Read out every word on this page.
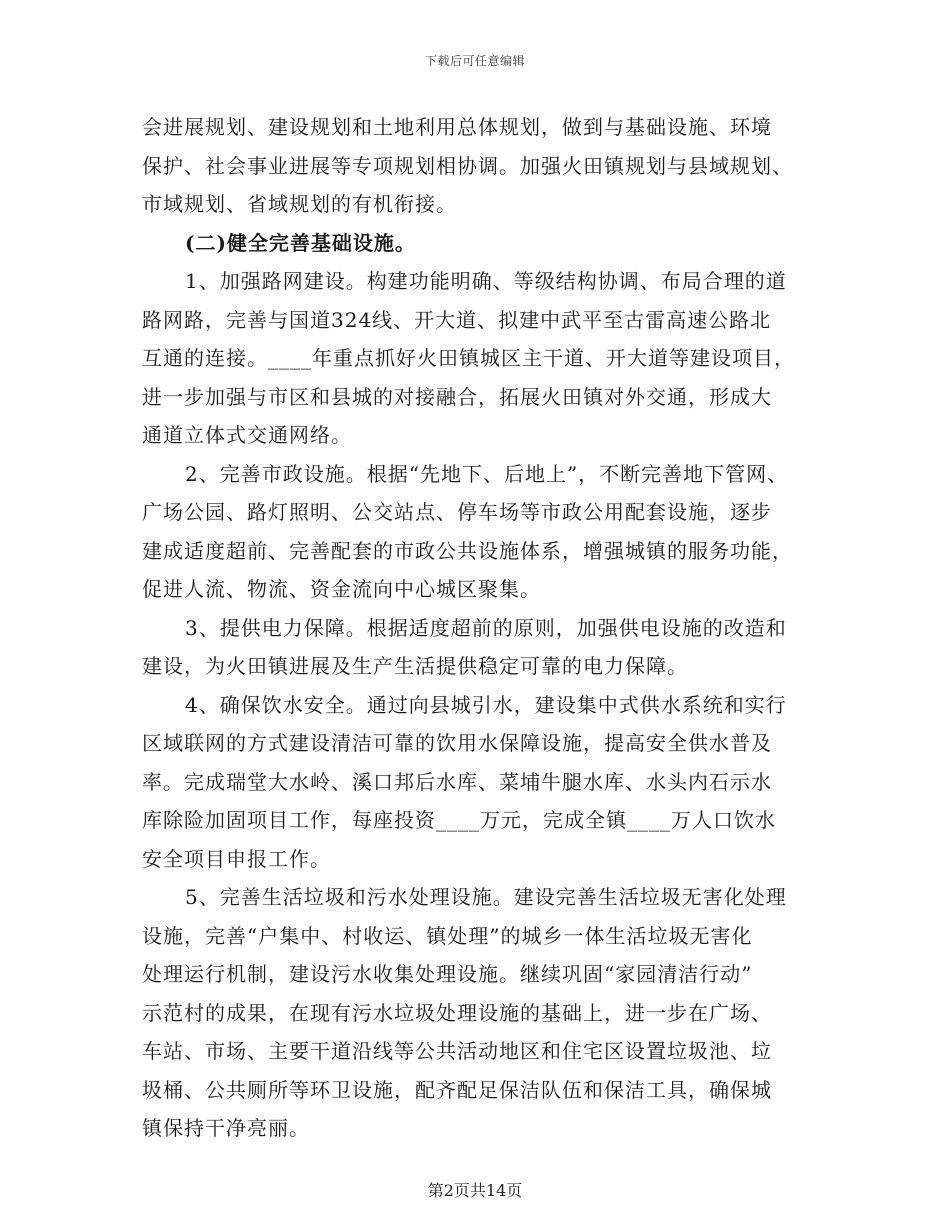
下载后可任意编辑
会进展规划、建设规划和土地利用总体规划，做到与基础设施、环境
保护、社会事业进展等专项规划相协调。加强火田镇规划与县域规划、
市域规划、省域规划的有机衔接。
(二)健全完善基础设施。
1、加强路网建设。构建功能明确、等级结构协调、布局合理的道
路网路，完善与国道324线、开大道、拟建中武平至古雷高速公路北
互通的连接。____年重点抓好火田镇城区主干道、开大道等建设项目，
进一步加强与市区和县城的对接融合，拓展火田镇对外交通，形成大
通道立体式交通网络。
2、完善市政设施。根据“先地下、后地上”，不断完善地下管网、
广场公园、路灯照明、公交站点、停车场等市政公用配套设施，逐步
建成适度超前、完善配套的市政公共设施体系，增强城镇的服务功能，
促进人流、物流、资金流向中心城区聚集。
3、提供电力保障。根据适度超前的原则，加强供电设施的改造和
建设，为火田镇进展及生产生活提供稳定可靠的电力保障。
4、确保饮水安全。通过向县城引水，建设集中式供水系统和实行
区域联网的方式建设清洁可靠的饮用水保障设施，提高安全供水普及
率。完成瑞堂大水岭、溪口邦后水库、菜埔牛腿水库、水头内石示水
库除险加固项目工作，每座投资____万元，完成全镇____万人口饮水
安全项目申报工作。
5、完善生活垃圾和污水处理设施。建设完善生活垃圾无害化处理
设施，完善“户集中、村收运、镇处理”的城乡一体生活垃圾无害化
处理运行机制，建设污水收集处理设施。继续巩固“家园清洁行动”
示范村的成果，在现有污水垃圾处理设施的基础上，进一步在广场、
车站、市场、主要干道沿线等公共活动地区和住宅区设置垃圾池、垃
圾桶、公共厕所等环卫设施，配齐配足保洁队伍和保洁工具，确保城
镇保持干净亮丽。
第2页共14页
